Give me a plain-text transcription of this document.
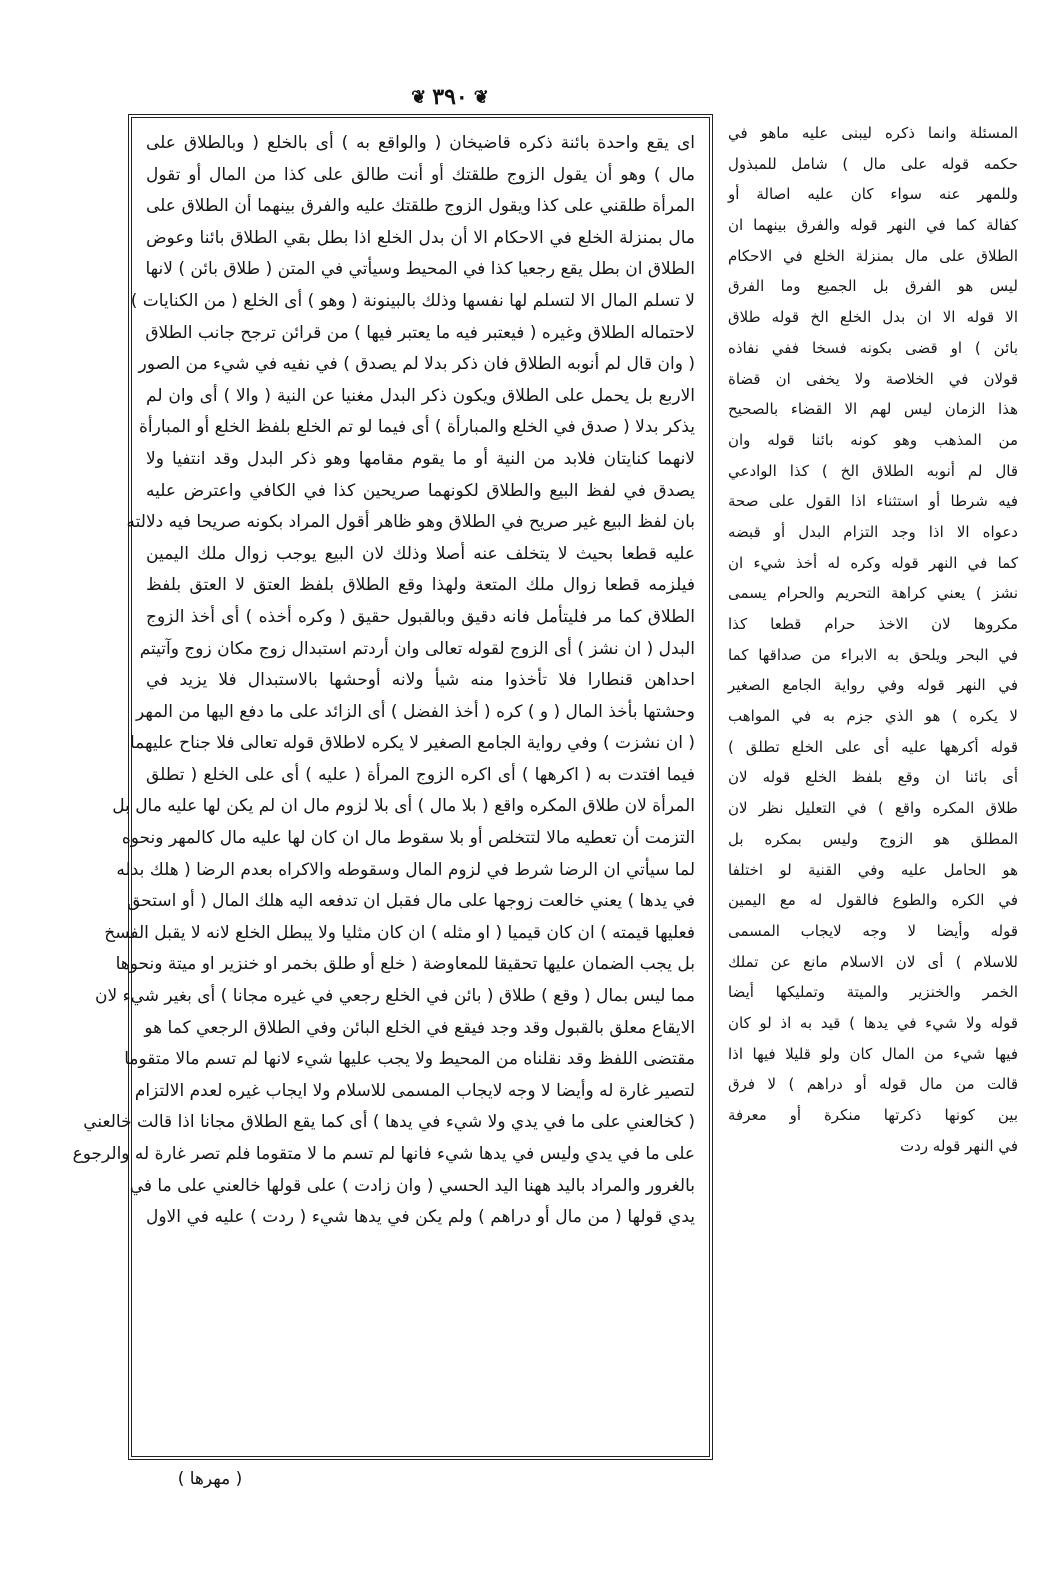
❦ ٣٩٠ ❦
اى يقع واحدة بائنة ذكره قاضيخان ( والواقع به ) أى بالخلع ( وبالطلاق على
مال ) وهو أن يقول الزوج طلقتك أو أنت طالق على كذا من المال أو تقول
المرأة طلقني على كذا ويقول الزوج طلقتك عليه والفرق بينهما أن الطلاق على
مال بمنزلة الخلع في الاحكام الا أن بدل الخلع اذا بطل بقي الطلاق بائنا وعوض
الطلاق ان بطل يقع رجعيا كذا في المحيط وسيأتي في المتن ( طلاق بائن ) لانها
لا تسلم المال الا لتسلم لها نفسها وذلك بالبينونة ( وهو ) أى الخلع ( من الكنايات )
لاحتماله الطلاق وغيره ( فيعتبر فيه ما يعتبر فيها ) من قرائن ترجح جانب الطلاق
( وان قال لم أنوبه الطلاق فان ذكر بدلا لم يصدق ) في نفيه في شيء من الصور
الاربع بل يحمل على الطلاق ويكون ذكر البدل مغنيا عن النية ( والا ) أى وان لم
يذكر بدلا ( صدق في الخلع والمبارأة ) أى فيما لو تم الخلع بلفظ الخلع أو المبارأة
لانهما كنايتان فلابد من النية أو ما يقوم مقامها وهو ذكر البدل وقد انتفيا ولا
يصدق في لفظ البيع والطلاق لكونهما صريحين كذا في الكافي واعترض عليه
بان لفظ البيع غير صريح في الطلاق وهو ظاهر أقول المراد بكونه صريحا فيه دلالته
عليه قطعا بحيث لا يتخلف عنه أصلا وذلك لان البيع يوجب زوال ملك اليمين
فيلزمه قطعا زوال ملك المتعة ولهذا وقع الطلاق بلفظ العتق لا العتق بلفظ
الطلاق كما مر فليتأمل فانه دقيق وبالقبول حقيق ( وكره أخذه ) أى أخذ الزوج
البدل ( ان نشز ) أى الزوج لقوله تعالى وان أردتم استبدال زوج مكان زوج وآتيتم
احداهن قنطارا فلا تأخذوا منه شيأ ولانه أوحشها بالاستبدال فلا يزيد في
وحشتها بأخذ المال ( و ) كره ( أخذ الفضل ) أى الزائد على ما دفع اليها من المهر
( ان نشزت ) وفي رواية الجامع الصغير لا يكره لاطلاق قوله تعالى فلا جناح عليهما
فيما افتدت به ( اكرهها ) أى اكره الزوج المرأة ( عليه ) أى على الخلع ( تطلق
المرأة لان طلاق المكره واقع ( بلا مال ) أى بلا لزوم مال ان لم يكن لها عليه مال بل
التزمت أن تعطيه مالا لتتخلص أو بلا سقوط مال ان كان لها عليه مال كالمهر ونحوه
لما سيأتي ان الرضا شرط في لزوم المال وسقوطه والاكراه بعدم الرضا ( هلك بدله
في يدها ) يعني خالعت زوجها على مال فقبل ان تدفعه اليه هلك المال ( أو استحق
فعليها قيمته ) ان كان قيميا ( او مثله ) ان كان مثليا ولا يبطل الخلع لانه لا يقبل الفسخ
بل يجب الضمان عليها تحقيقا للمعاوضة ( خلع أو طلق بخمر او خنزير او ميتة ونحوها
مما ليس بمال ( وقع ) طلاق ( بائن في الخلع رجعي في غيره مجانا ) أى بغير شيء لان
الايقاع معلق بالقبول وقد وجد فيقع في الخلع البائن وفي الطلاق الرجعي كما هو
مقتضى اللفظ وقد نقلناه من المحيط ولا يجب عليها شيء لانها لم تسم مالا متقوما
لتصير غارة له وأيضا لا وجه لايجاب المسمى للاسلام ولا ايجاب غيره لعدم الالتزام
( كخالعني على ما في يدي ولا شيء في يدها ) أى كما يقع الطلاق مجانا اذا قالت خالعني
على ما في يدي وليس في يدها شيء فانها لم تسم ما لا متقوما فلم تصر غارة له والرجوع
بالغرور والمراد باليد ههنا اليد الحسي ( وان زادت ) على قولها خالعني على ما في
يدي قولها ( من مال أو دراهم ) ولم يكن في يدها شيء ( ردت ) عليه في الاول
المسئلة وانما ذكره ليبنى عليه ماهو في
حكمه قوله على مال ) شامل للمبذول
وللمهر عنه سواء كان عليه اصالة أو
كفالة كما في النهر قوله والفرق بينهما ان
الطلاق على مال بمنزلة الخلع في الاحكام
ليس هو الفرق بل الجميع وما الفرق
الا قوله الا ان بدل الخلع الخ قوله طلاق
بائن ) او قضى بكونه فسخا ففي نفاذه
قولان في الخلاصة ولا يخفى ان قضاة
هذا الزمان ليس لهم الا القضاء بالصحيح
من المذهب وهو كونه بائنا قوله وان
قال لم أنوبه الطلاق الخ ) كذا الوادعي
فيه شرطا أو استثناء اذا القول على صحة
دعواه الا اذا وجد التزام البدل أو قبضه
كما في النهر قوله وكره له أخذ شيء ان
نشز ) يعني كراهة التحريم والحرام يسمى
مكروها لان الاخذ حرام قطعا كذا
في البحر ويلحق به الابراء من صداقها كما
في النهر قوله وفي رواية الجامع الصغير
لا يكره ) هو الذي جزم به في المواهب
قوله أكرهها عليه أى على الخلع تطلق )
أى بائنا ان وقع بلفظ الخلع قوله لان
طلاق المكره واقع ) في التعليل نظر لان
المطلق هو الزوج وليس بمكره بل
هو الحامل عليه وفي القنية لو اختلفا
في الكره والطوع فالقول له مع اليمين
قوله وأيضا لا وجه لايجاب المسمى
للاسلام ) أى لان الاسلام مانع عن تملك
الخمر والخنزير والميتة وتمليكها أيضا
قوله ولا شيء في يدها ) قيد به اذ لو كان
فيها شيء من المال كان ولو قليلا فيها اذا
قالت من مال قوله أو دراهم ) لا فرق
بين كونها ذكرتها منكرة أو معرفة
في النهر قوله ردت
( مهرها )
